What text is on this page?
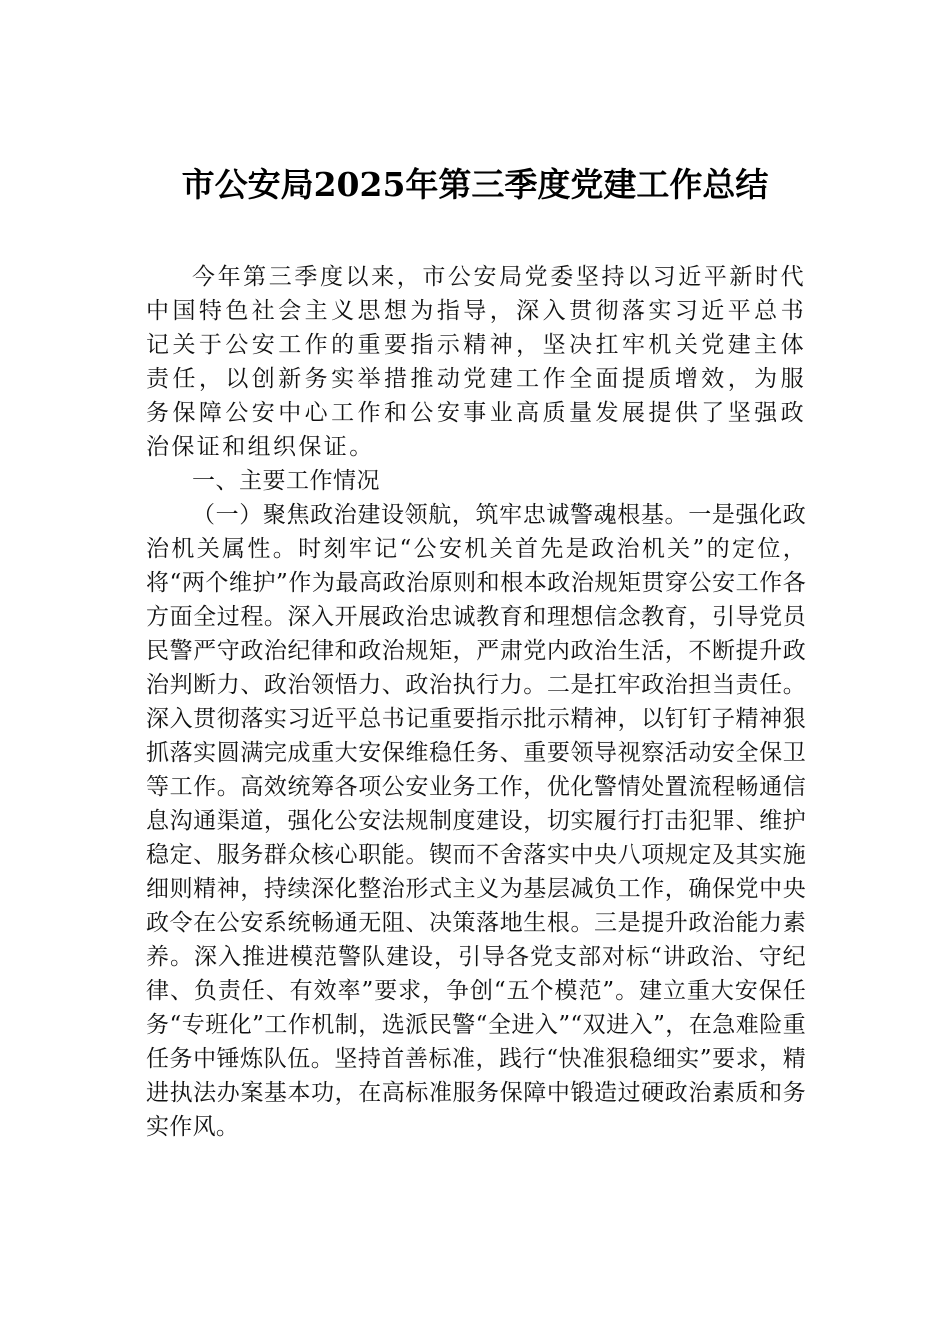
市公安局2025年第三季度党建工作总结

今年第三季度以来，市公安局党委坚持以习近平新时代中国特色社会主义思想为指导，深入贯彻落实习近平总书记关于公安工作的重要指示精神，坚决扛牢机关党建主体责任，以创新务实举措推动党建工作全面提质增效，为服务保障公安中心工作和公安事业高质量发展提供了坚强政治保证和组织保证。

一、主要工作情况

（一）聚焦政治建设领航，筑牢忠诚警魂根基。一是强化政治机关属性。时刻牢记“公安机关首先是政治机关”的定位，将“两个维护”作为最高政治原则和根本政治规矩贯穿公安工作各方面全过程。深入开展政治忠诚教育和理想信念教育，引导党员民警严守政治纪律和政治规矩，严肃党内政治生活，不断提升政治判断力、政治领悟力、政治执行力。二是扛牢政治担当责任。深入贯彻落实习近平总书记重要指示批示精神，以钉钉子精神狠抓落实圆满完成重大安保维稳任务、重要领导视察活动安全保卫等工作。高效统筹各项公安业务工作，优化警情处置流程畅通信息沟通渠道，强化公安法规制度建设，切实履行打击犯罪、维护稳定、服务群众核心职能。锲而不舍落实中央八项规定及其实施细则精神，持续深化整治形式主义为基层减负工作，确保党中央政令在公安系统畅通无阻、决策落地生根。三是提升政治能力素养。深入推进模范警队建设，引导各党支部对标“讲政治、守纪律、负责任、有效率”要求，争创“五个模范”。建立重大安保任务“专班化”工作机制，选派民警“全进入”“双进入”，在急难险重任务中锤炼队伍。坚持首善标准，践行“快准狠稳细实”要求，精进执法办案基本功，在高标准服务保障中锻造过硬政治素质和务实作风。
